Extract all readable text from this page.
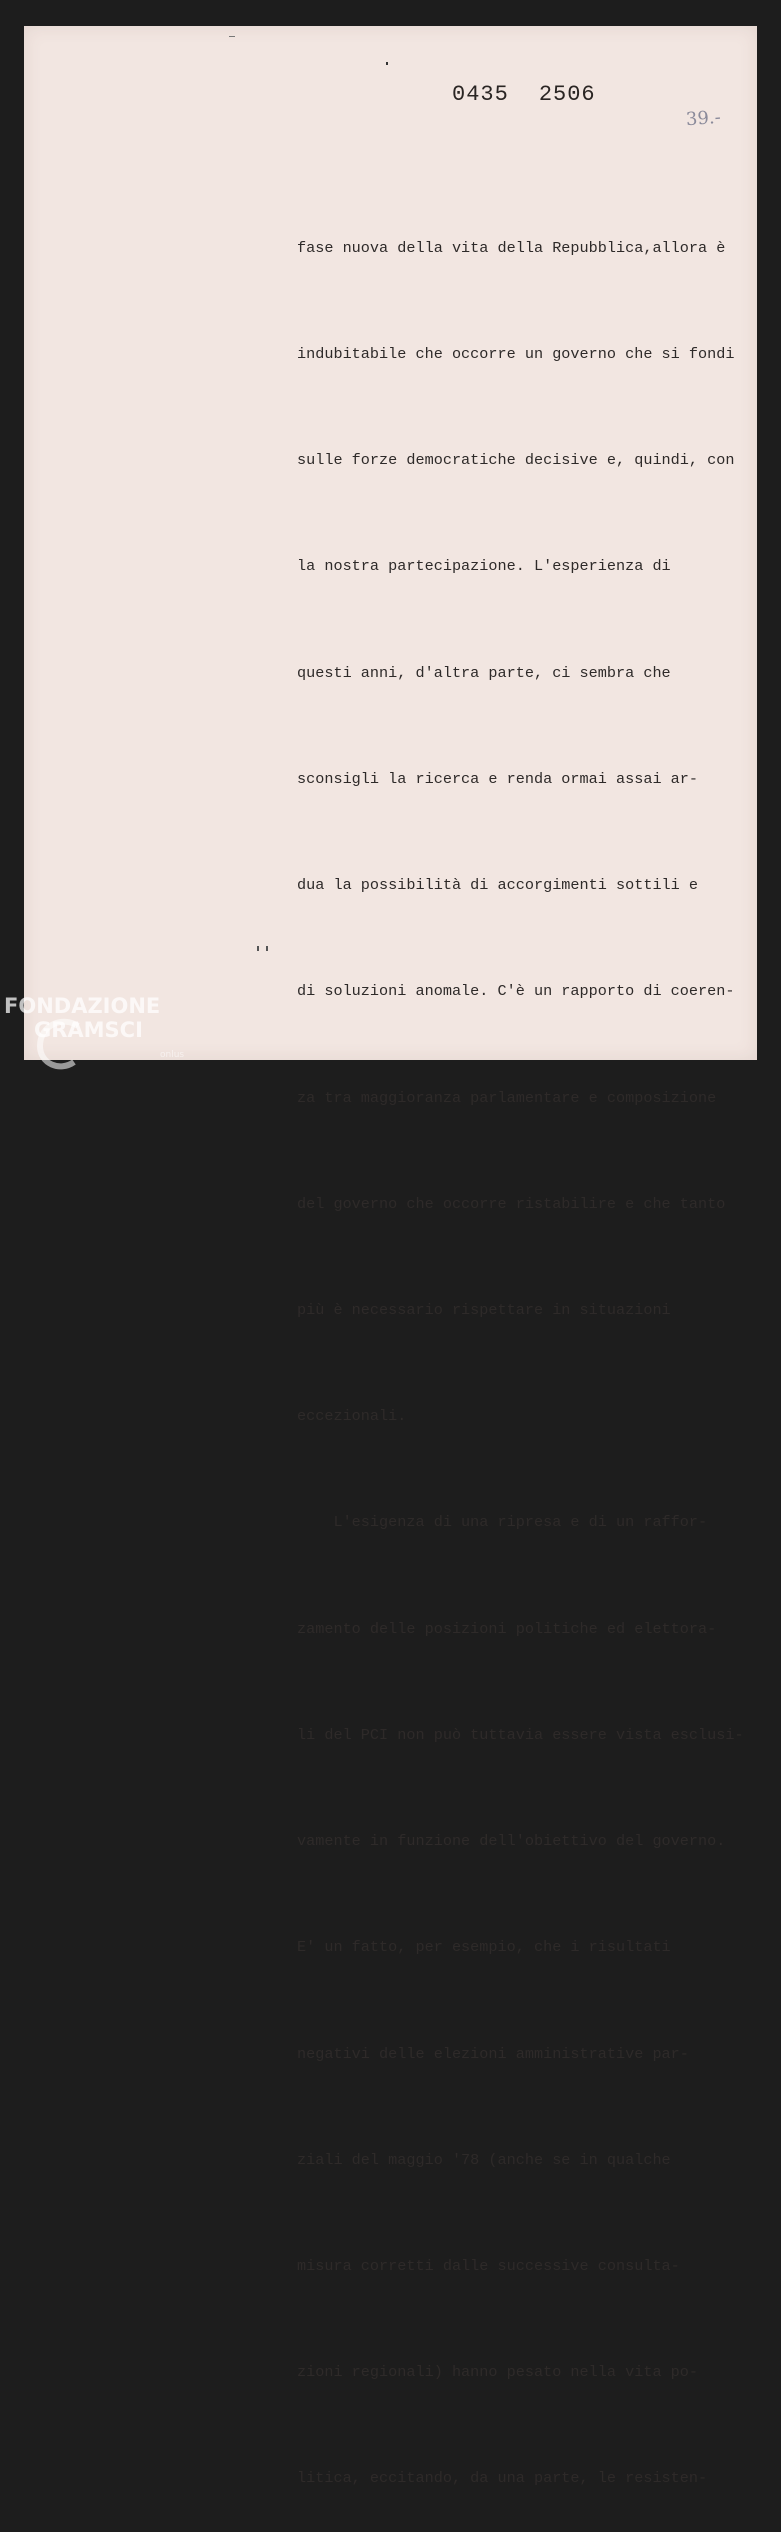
0435 2506
39.-

fase nuova della vita della Repubblica,allora è

indubitabile che occorre un governo che si fondi

sulle forze democratiche decisive e, quindi, con

la nostra partecipazione. L'esperienza di

questi anni, d'altra parte, ci sembra che

sconsigli la ricerca e renda ormai assai ar-

dua la possibilità di accorgimenti sottili e

di soluzioni anomale. C'è un rapporto di coeren-

za tra maggioranza parlamentare e composizione

del governo che occorre ristabilire e che tanto

più è necessario rispettare in situazioni

eccezionali.

L'esigenza di una ripresa e di un raffor-

zamento delle posizioni politiche ed elettora-

li del PCI non può tuttavia essere vista esclusi-

vamente in funzione dell'obiettivo del governo.

E' un fatto, per esempio, che i risultati

negativi delle elezioni amministrative par-

ziali del maggio '78 (anche se in qualche

misura corretti dalle successive consulta-

zioni regionali) hanno pesato nella vita po-

litica, eccitando, da una parte, le resisten-

FONDAZIONE
GRAMSCI
onlus
